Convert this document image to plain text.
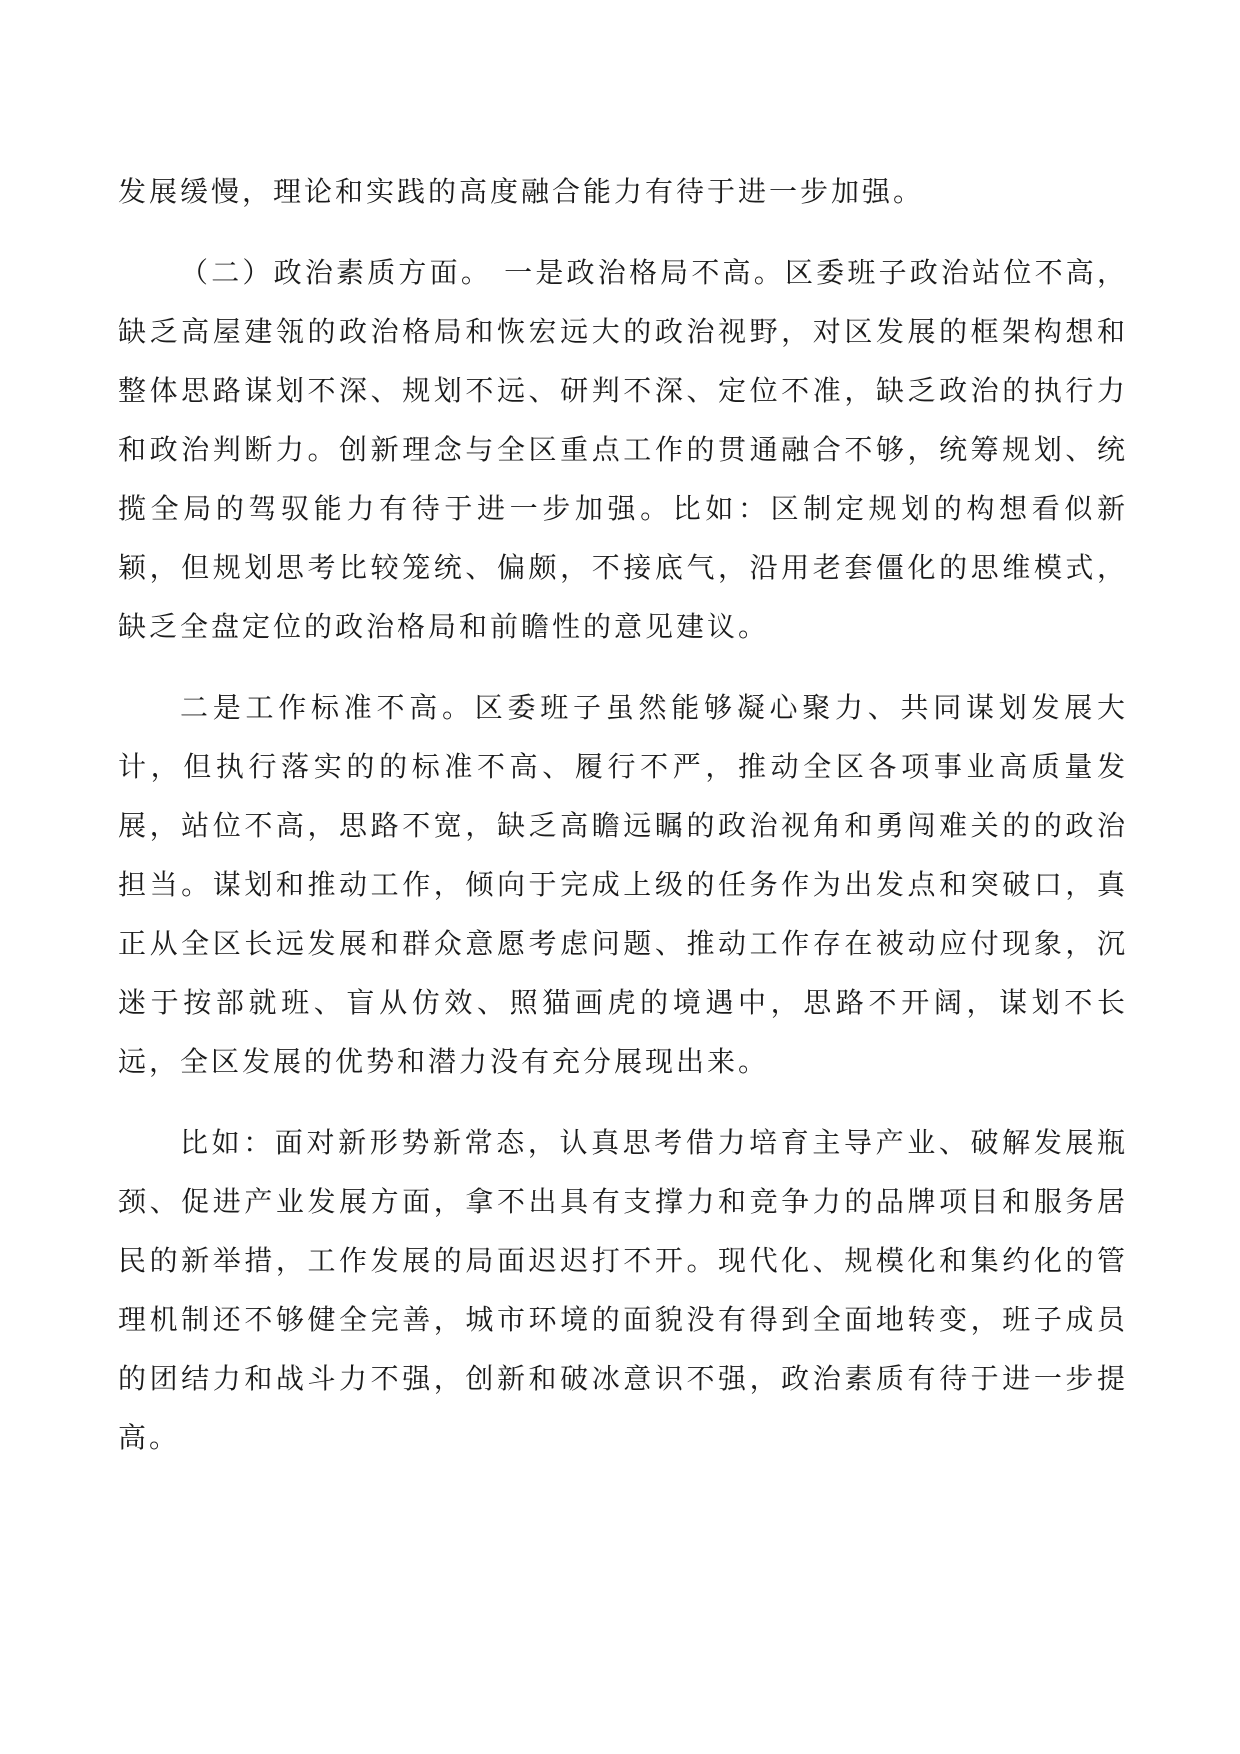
发展缓慢，理论和实践的高度融合能力有待于进一步加强。

（二）政治素质方面。 一是政治格局不高。区委班子政治站位不高，缺乏高屋建瓴的政治格局和恢宏远大的政治视野，对区发展的框架构想和整体思路谋划不深、规划不远、研判不深、定位不准，缺乏政治的执行力和政治判断力。创新理念与全区重点工作的贯通融合不够，统筹规划、统揽全局的驾驭能力有待于进一步加强。比如：区制定规划的构想看似新颖，但规划思考比较笼统、偏颇，不接底气，沿用老套僵化的思维模式，缺乏全盘定位的政治格局和前瞻性的意见建议。

二是工作标准不高。区委班子虽然能够凝心聚力、共同谋划发展大计，但执行落实的的标准不高、履行不严，推动全区各项事业高质量发展，站位不高，思路不宽，缺乏高瞻远瞩的政治视角和勇闯难关的的政治担当。谋划和推动工作，倾向于完成上级的任务作为出发点和突破口，真正从全区长远发展和群众意愿考虑问题、推动工作存在被动应付现象，沉迷于按部就班、盲从仿效、照猫画虎的境遇中，思路不开阔，谋划不长远，全区发展的优势和潜力没有充分展现出来。

比如：面对新形势新常态，认真思考借力培育主导产业、破解发展瓶颈、促进产业发展方面，拿不出具有支撑力和竞争力的品牌项目和服务居民的新举措，工作发展的局面迟迟打不开。现代化、规模化和集约化的管理机制还不够健全完善，城市环境的面貌没有得到全面地转变，班子成员的团结力和战斗力不强，创新和破冰意识不强，政治素质有待于进一步提高。
